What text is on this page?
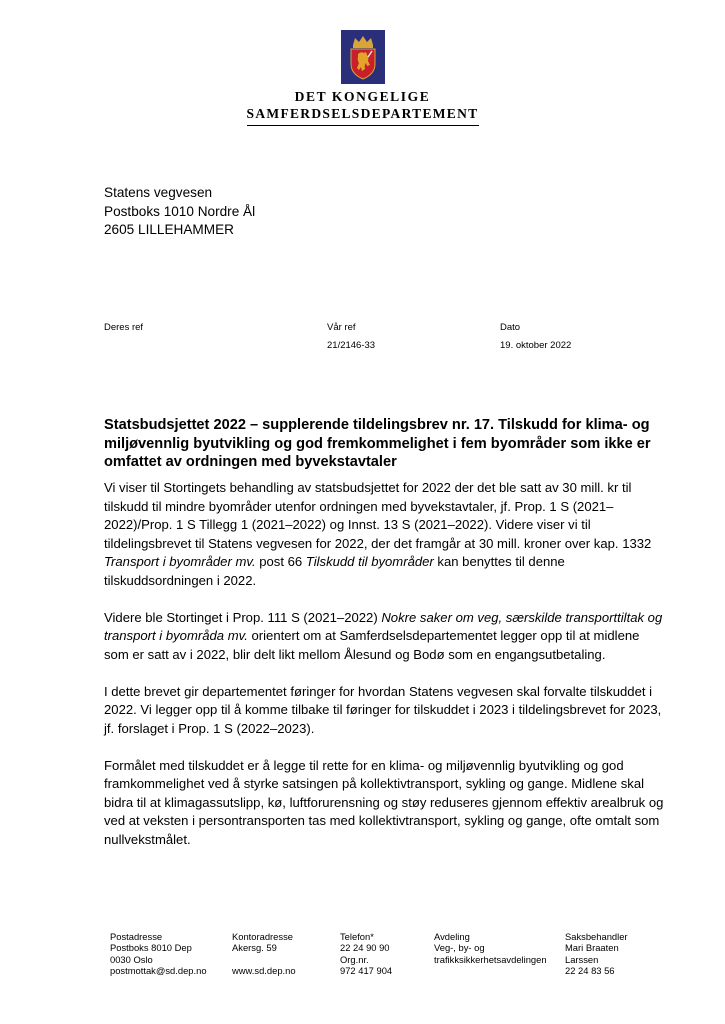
DET KONGELIGE
SAMFERDSELSDEPARTEMENT
Statens vegvesen
Postboks 1010 Nordre Ål
2605 LILLEHAMMER
Deres ref	Vår ref
21/2146-33
Dato
19. oktober 2022
Statsbudsjettet 2022 – supplerende tildelingsbrev nr. 17. Tilskudd for klima- og miljøvennlig byutvikling og god fremkommelighet i fem byområder som ikke er omfattet av ordningen med byvekstavtaler

Vi viser til Stortingets behandling av statsbudsjettet for 2022 der det ble satt av 30 mill. kr til tilskudd til mindre byområder utenfor ordningen med byvekstavtaler, jf. Prop. 1 S (2021–2022)/Prop. 1 S Tillegg 1 (2021–2022) og Innst. 13 S (2021–2022). Videre viser vi til tildelingsbrevet til Statens vegvesen for 2022, der det framgår at 30 mill. kroner over kap. 1332 Transport i byområder mv. post 66 Tilskudd til byområder kan benyttes til denne tilskuddsordningen i 2022.

Videre ble Stortinget i Prop. 111 S (2021–2022) Nokre saker om veg, særskilde transporttiltak og transport i byområda mv. orientert om at Samferdselsdepartementet legger opp til at midlene som er satt av i 2022, blir delt likt mellom Ålesund og Bodø som en engangsutbetaling.

I dette brevet gir departementet føringer for hvordan Statens vegvesen skal forvalte tilskuddet i 2022. Vi legger opp til å komme tilbake til føringer for tilskuddet i 2023 i tildelingsbrevet for 2023, jf. forslaget i Prop. 1 S (2022–2023).

Formålet med tilskuddet er å legge til rette for en klima- og miljøvennlig byutvikling og god framkommelighet ved å styrke satsingen på kollektivtransport, sykling og gange. Midlene skal bidra til at klimagassutslipp, kø, luftforurensning og støy reduseres gjennom effektiv arealbruk og ved at veksten i persontransporten tas med kollektivtransport, sykling og gange, ofte omtalt som nullvekstmålet.

Postadresse
Postboks 8010 Dep
0030 Oslo
postmottak@sd.dep.no
Kontoradresse
Akersg. 59

www.sd.dep.no
Telefon*
22 24 90 90
Org.nr.
972 417 904
Avdeling
Veg-, by- og
trafikksikkerhetsavdelingen
Saksbehandler
Mari Braaten
Larssen
22 24 83 56
